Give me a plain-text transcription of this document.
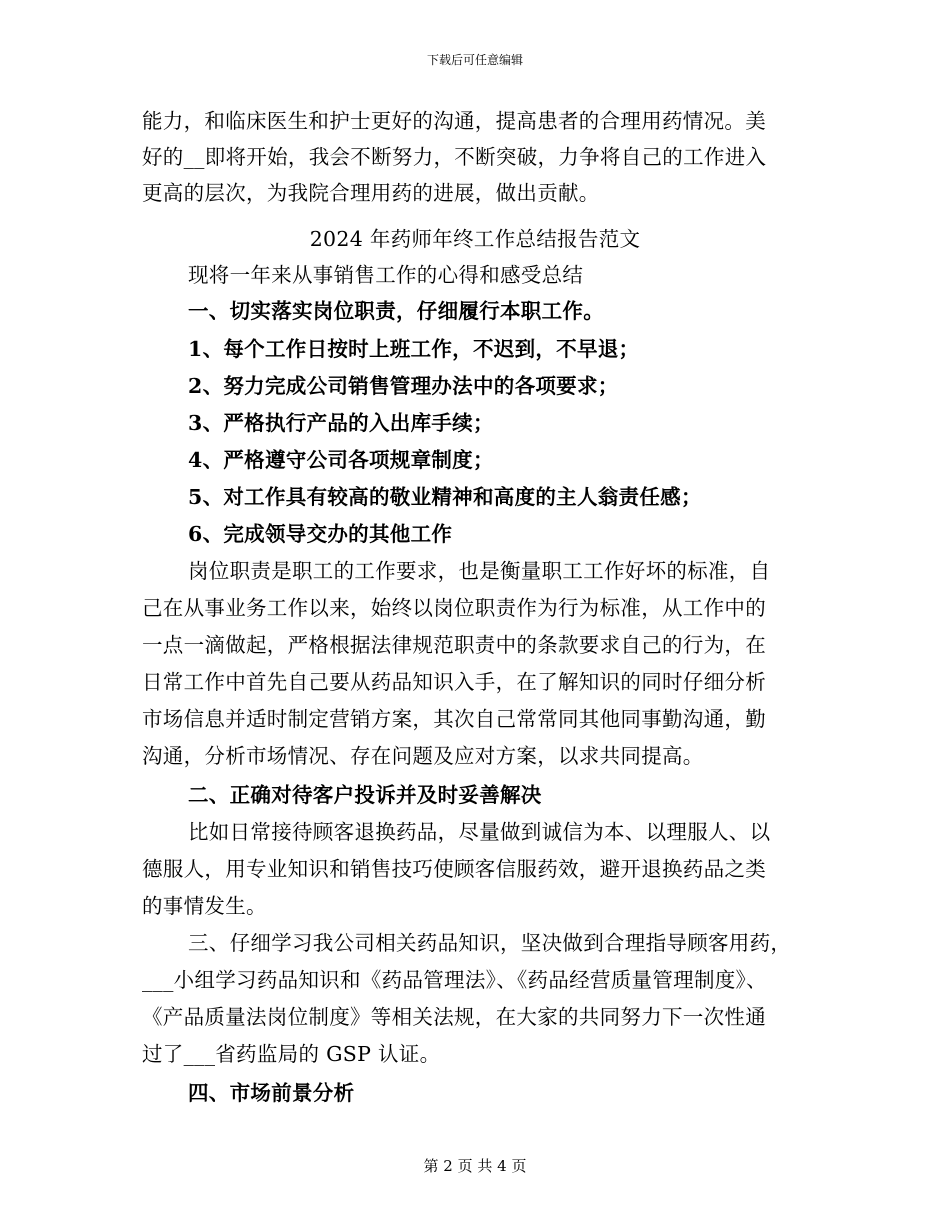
下载后可任意编辑
能力，和临床医生和护士更好的沟通，提高患者的合理用药情况。美
好的__即将开始，我会不断努力，不断突破，力争将自己的工作进入
更高的层次，为我院合理用药的进展，做出贡献。
2024 年药师年终工作总结报告范文
现将一年来从事销售工作的心得和感受总结
一、切实落实岗位职责，仔细履行本职工作。
1、每个工作日按时上班工作，不迟到，不早退；
2、努力完成公司销售管理办法中的各项要求；
3、严格执行产品的入出库手续；
4、严格遵守公司各项规章制度；
5、对工作具有较高的敬业精神和高度的主人翁责任感；
6、完成领导交办的其他工作
岗位职责是职工的工作要求，也是衡量职工工作好坏的标准，自
己在从事业务工作以来，始终以岗位职责作为行为标准，从工作中的
一点一滴做起，严格根据法律规范职责中的条款要求自己的行为，在
日常工作中首先自己要从药品知识入手，在了解知识的同时仔细分析
市场信息并适时制定营销方案，其次自己常常同其他同事勤沟通，勤
沟通，分析市场情况、存在问题及应对方案，以求共同提高。
二、正确对待客户投诉并及时妥善解决
比如日常接待顾客退换药品，尽量做到诚信为本、以理服人、以
德服人，用专业知识和销售技巧使顾客信服药效，避开退换药品之类
的事情发生。
三、仔细学习我公司相关药品知识，坚决做到合理指导顾客用药，
___小组学习药品知识和《药品管理法》、《药品经营质量管理制度》、
《产品质量法岗位制度》等相关法规，在大家的共同努力下一次性通
过了___省药监局的 GSP 认证。
四、市场前景分析
第 2 页 共 4 页
